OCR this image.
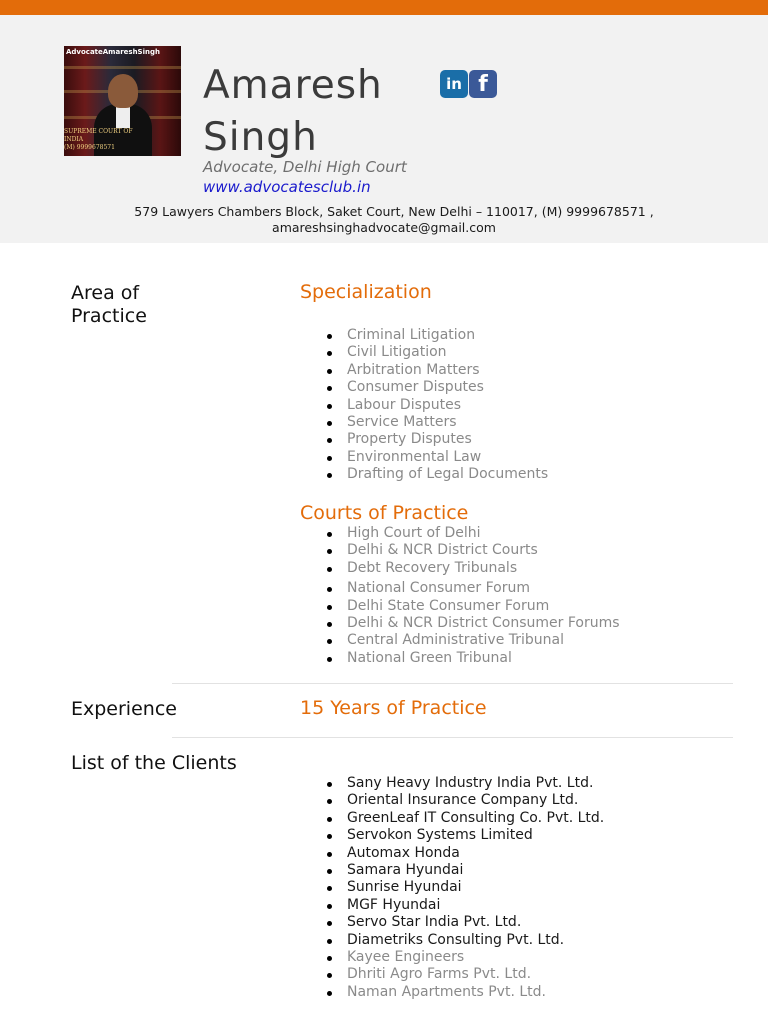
AdvocateAmareshSingh
SUPREME COURT OF INDIA
(M) 9999678571
Amaresh Singh
in f
Advocate, Delhi High Court
www.advocatesclub.in
579 Lawyers Chambers Block, Saket Court, New Delhi – 110017, (M) 9999678571 ,
amareshsinghadvocate@gmail.com
Area of Practice
Specialization
Criminal Litigation
Civil Litigation
Arbitration Matters
Consumer Disputes
Labour Disputes
Service Matters
Property Disputes
Environmental Law
Drafting of Legal Documents
Courts of Practice
High Court of Delhi
Delhi & NCR District Courts
Debt Recovery Tribunals
National Consumer Forum
Delhi State Consumer Forum
Delhi & NCR District Consumer Forums
Central Administrative Tribunal
National Green Tribunal
Experience	15 Years of Practice
List of the Clients
Sany Heavy Industry India Pvt. Ltd.
Oriental Insurance Company Ltd.
GreenLeaf IT Consulting Co. Pvt. Ltd.
Servokon Systems Limited
Automax Honda
Samara Hyundai
Sunrise Hyundai
MGF Hyundai
Servo Star India Pvt. Ltd.
Diametriks Consulting Pvt. Ltd.
Kayee Engineers
Dhriti Agro Farms Pvt. Ltd.
Naman Apartments Pvt. Ltd.
